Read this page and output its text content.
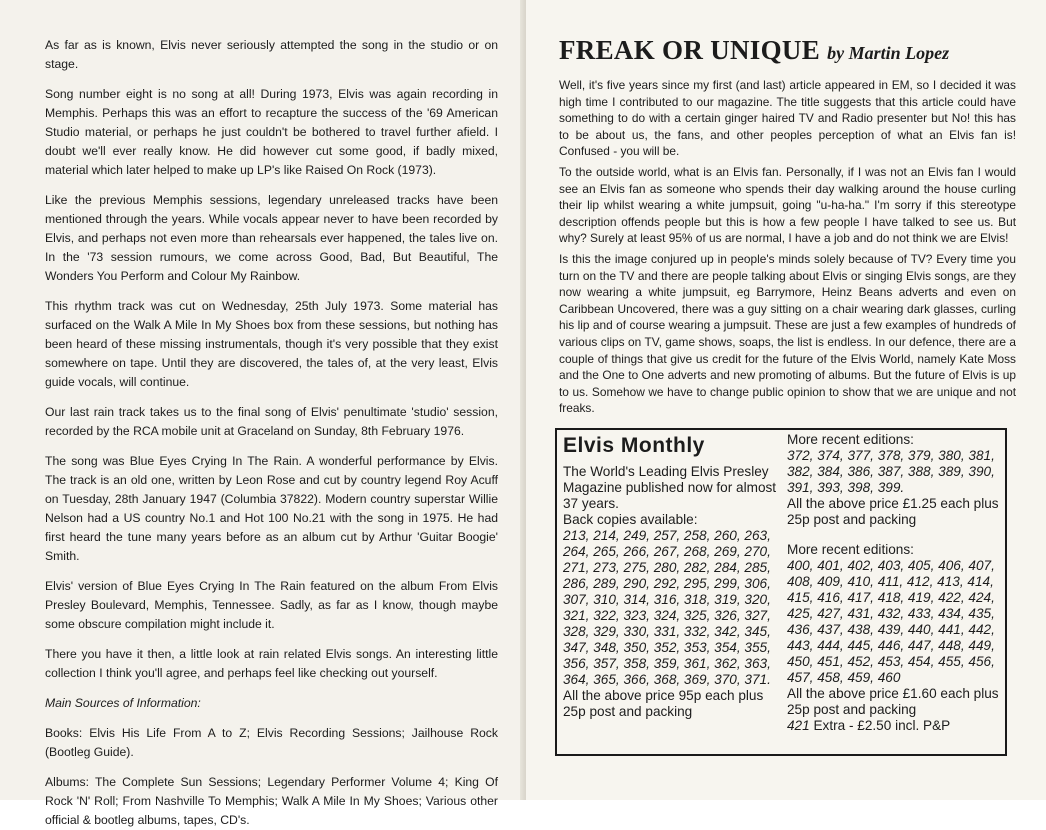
As far as is known, Elvis never seriously attempted the song in the studio or on stage.

Song number eight is no song at all! During 1973, Elvis was again recording in Memphis. Perhaps this was an effort to recapture the success of the '69 American Studio material, or perhaps he just couldn't be bothered to travel further afield. I doubt we'll ever really know. He did however cut some good, if badly mixed, material which later helped to make up LP's like Raised On Rock (1973).

Like the previous Memphis sessions, legendary unreleased tracks have been mentioned through the years. While vocals appear never to have been recorded by Elvis, and perhaps not even more than rehearsals ever happened, the tales live on. In the '73 session rumours, we come across Good, Bad, But Beautiful, The Wonders You Perform and Colour My Rainbow.

This rhythm track was cut on Wednesday, 25th July 1973. Some material has surfaced on the Walk A Mile In My Shoes box from these sessions, but nothing has been heard of these missing instrumentals, though it's very possible that they exist somewhere on tape. Until they are discovered, the tales of, at the very least, Elvis guide vocals, will continue.

Our last rain track takes us to the final song of Elvis' penultimate 'studio' session, recorded by the RCA mobile unit at Graceland on Sunday, 8th February 1976.

The song was Blue Eyes Crying In The Rain. A wonderful performance by Elvis. The track is an old one, written by Leon Rose and cut by country legend Roy Acuff on Tuesday, 28th January 1947 (Columbia 37822). Modern country superstar Willie Nelson had a US country No.1 and Hot 100 No.21 with the song in 1975. He had first heard the tune many years before as an album cut by Arthur 'Guitar Boogie' Smith.

Elvis' version of Blue Eyes Crying In The Rain featured on the album From Elvis Presley Boulevard, Memphis, Tennessee. Sadly, as far as I know, though maybe some obscure compilation might include it.

There you have it then, a little look at rain related Elvis songs. An interesting little collection I think you'll agree, and perhaps feel like checking out yourself.

Main Sources of Information:

Books: Elvis His Life From A to Z; Elvis Recording Sessions; Jailhouse Rock (Bootleg Guide).

Albums: The Complete Sun Sessions; Legendary Performer Volume 4; King Of Rock 'N' Roll; From Nashville To Memphis; Walk A Mile In My Shoes; Various other official & bootleg albums, tapes, CD's.

FREAK OR UNIQUE by Martin Lopez

Well, it's five years since my first (and last) article appeared in EM, so I decided it was high time I contributed to our magazine. The title suggests that this article could have something to do with a certain ginger haired TV and Radio presenter but No! this has to be about us, the fans, and other peoples perception of what an Elvis fan is! Confused - you will be.

To the outside world, what is an Elvis fan. Personally, if I was not an Elvis fan I would see an Elvis fan as someone who spends their day walking around the house curling their lip whilst wearing a white jumpsuit, going "u-ha-ha." I'm sorry if this stereotype description offends people but this is how a few people I have talked to see us. But why? Surely at least 95% of us are normal, I have a job and do not think we are Elvis!

Is this the image conjured up in people's minds solely because of TV? Every time you turn on the TV and there are people talking about Elvis or singing Elvis songs, are they now wearing a white jumpsuit, eg Barrymore, Heinz Beans adverts and even on Caribbean Uncovered, there was a guy sitting on a chair wearing dark glasses, curling his lip and of course wearing a jumpsuit. These are just a few examples of hundreds of various clips on TV, game shows, soaps, the list is endless. In our defence, there are a couple of things that give us credit for the future of the Elvis World, namely Kate Moss and the One to One adverts and new promoting of albums. But the future of Elvis is up to us. Somehow we have to change public opinion to show that we are unique and not freaks.

Elvis Monthly

The World's Leading Elvis Presley Magazine published now for almost 37 years.

Back copies available:

213, 214, 249, 257, 258, 260, 263, 264, 265, 266, 267, 268, 269, 270, 271, 273, 275, 280, 282, 284, 285, 286, 289, 290, 292, 295, 299, 306, 307, 310, 314, 316, 318, 319, 320, 321, 322, 323, 324, 325, 326, 327, 328, 329, 330, 331, 332, 342, 345, 347, 348, 350, 352, 353, 354, 355, 356, 357, 358, 359, 361, 362, 363, 364, 365, 366, 368, 369, 370, 371.

All the above price 95p each plus 25p post and packing

More recent editions:

372, 374, 377, 378, 379, 380, 381, 382, 384, 386, 387, 388, 389, 390, 391, 393, 398, 399.

All the above price £1.25 each plus 25p post and packing

More recent editions:

400, 401, 402, 403, 405, 406, 407, 408, 409, 410, 411, 412, 413, 414, 415, 416, 417, 418, 419, 422, 424, 425, 427, 431, 432, 433, 434, 435, 436, 437, 438, 439, 440, 441, 442, 443, 444, 445, 446, 447, 448, 449, 450, 451, 452, 453, 454, 455, 456, 457, 458, 459, 460

All the above price £1.60 each plus 25p post and packing

421 Extra - £2.50 incl. P&P
